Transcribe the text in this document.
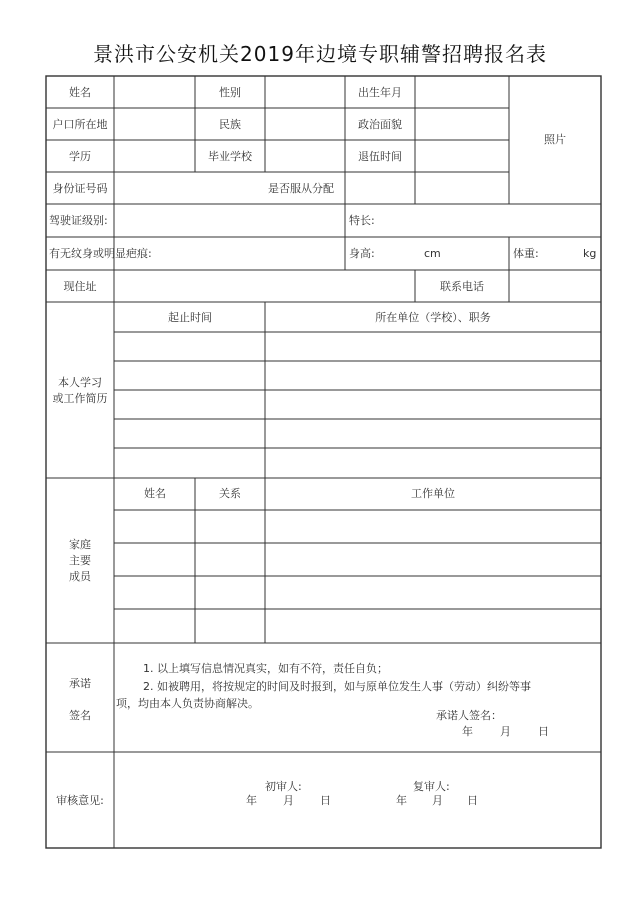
景洪市公安机关2019年边境专职辅警招聘报名表
姓名	性别	出生年月
照片
户口所在地	民族	政治面貌
学历	毕业学校	退伍时间
身份证号码	是否服从分配
驾驶证级别:	特长:
有无纹身或明显疤痕:	身高:	cm	体重:	kg
现住址	联系电话
本人学习
或工作简历
起止时间	所在单位（学校）、职务
家庭
主要
成员
姓名	关系	工作单位
承诺
签名
1. 以上填写信息情况真实，如有不符，责任自负；
2. 如被聘用，将按规定的时间及时报到，如与原单位发生人事（劳动）纠纷等事
项，均由本人负责协商解决。
承诺人签名：
年 月 日
审核意见:
初审人:
年 月 日
复审人:
年 月 日
